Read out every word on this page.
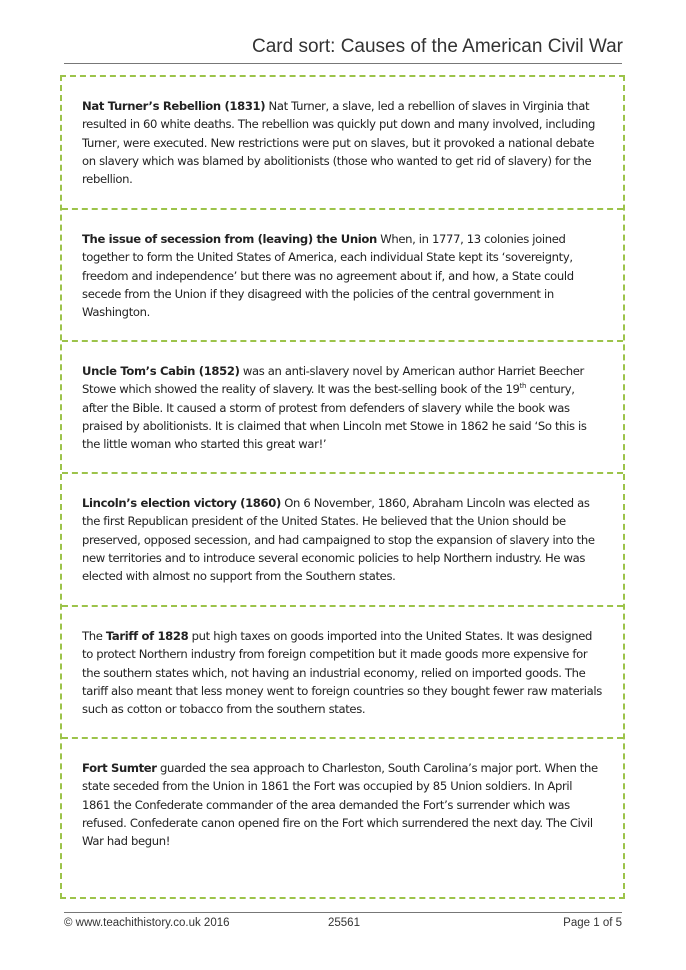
Card sort: Causes of the American Civil War
Nat Turner’s Rebellion (1831) Nat Turner, a slave, led a rebellion of slaves in Virginia that resulted in 60 white deaths. The rebellion was quickly put down and many involved, including Turner, were executed. New restrictions were put on slaves, but it provoked a national debate on slavery which was blamed by abolitionists (those who wanted to get rid of slavery) for the rebellion.
The issue of secession from (leaving) the Union When, in 1777, 13 colonies joined together to form the United States of America, each individual State kept its ‘sovereignty, freedom and independence’ but there was no agreement about if, and how, a State could secede from the Union if they disagreed with the policies of the central government in Washington.
Uncle Tom’s Cabin (1852) was an anti-slavery novel by American author Harriet Beecher Stowe which showed the reality of slavery. It was the best-selling book of the 19th century, after the Bible. It caused a storm of protest from defenders of slavery while the book was praised by abolitionists. It is claimed that when Lincoln met Stowe in 1862 he said ‘So this is the little woman who started this great war!’
Lincoln’s election victory (1860) On 6 November, 1860, Abraham Lincoln was elected as the first Republican president of the United States. He believed that the Union should be preserved, opposed secession, and had campaigned to stop the expansion of slavery into the new territories and to introduce several economic policies to help Northern industry. He was elected with almost no support from the Southern states.
The Tariff of 1828 put high taxes on goods imported into the United States. It was designed to protect Northern industry from foreign competition but it made goods more expensive for the southern states which, not having an industrial economy, relied on imported goods. The tariff also meant that less money went to foreign countries so they bought fewer raw materials such as cotton or tobacco from the southern states.
Fort Sumter guarded the sea approach to Charleston, South Carolina’s major port. When the state seceded from the Union in 1861 the Fort was occupied by 85 Union soldiers. In April 1861 the Confederate commander of the area demanded the Fort’s surrender which was refused. Confederate canon opened fire on the Fort which surrendered the next day. The Civil War had begun!
© www.teachithistory.co.uk 2016	25561	Page 1 of 5
